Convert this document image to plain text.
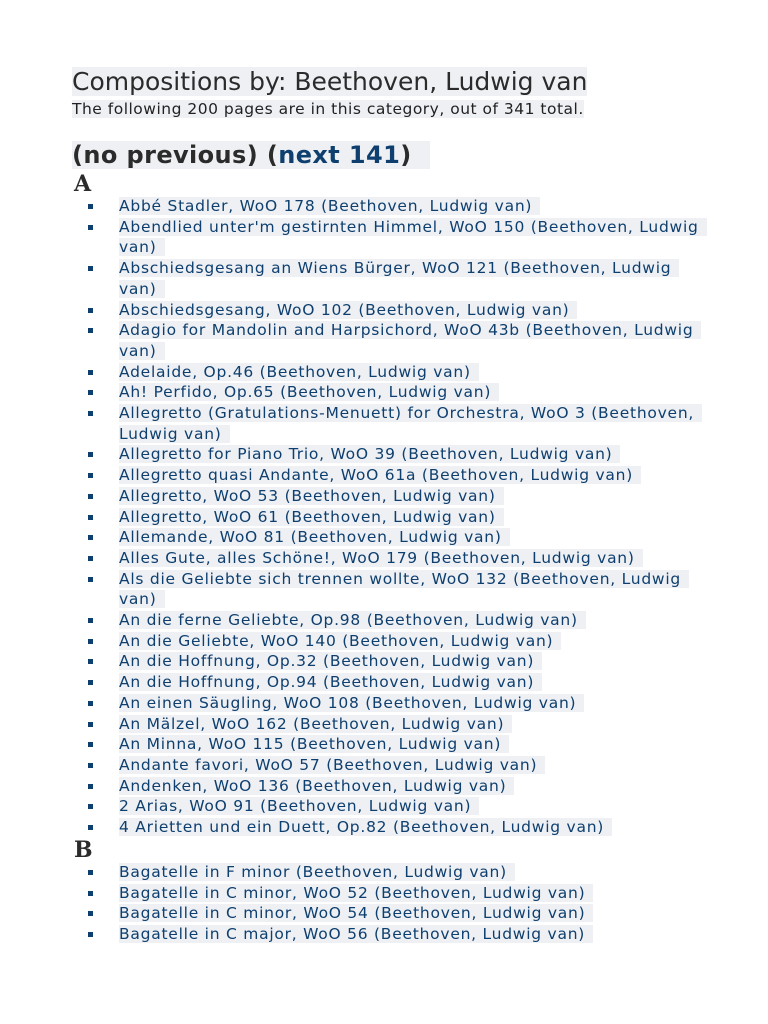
Compositions by: Beethoven, Ludwig van
The following 200 pages are in this category, out of 341 total.
(no previous) (next 141)
A
Abbé Stadler, WoO 178 (Beethoven, Ludwig van)
Abendlied unter'm gestirnten Himmel, WoO 150 (Beethoven, Ludwig van)
Abschiedsgesang an Wiens Bürger, WoO 121 (Beethoven, Ludwig van)
Abschiedsgesang, WoO 102 (Beethoven, Ludwig van)
Adagio for Mandolin and Harpsichord, WoO 43b (Beethoven, Ludwig van)
Adelaide, Op.46 (Beethoven, Ludwig van)
Ah! Perfido, Op.65 (Beethoven, Ludwig van)
Allegretto (Gratulations-Menuett) for Orchestra, WoO 3 (Beethoven, Ludwig van)
Allegretto for Piano Trio, WoO 39 (Beethoven, Ludwig van)
Allegretto quasi Andante, WoO 61a (Beethoven, Ludwig van)
Allegretto, WoO 53 (Beethoven, Ludwig van)
Allegretto, WoO 61 (Beethoven, Ludwig van)
Allemande, WoO 81 (Beethoven, Ludwig van)
Alles Gute, alles Schöne!, WoO 179 (Beethoven, Ludwig van)
Als die Geliebte sich trennen wollte, WoO 132 (Beethoven, Ludwig van)
An die ferne Geliebte, Op.98 (Beethoven, Ludwig van)
An die Geliebte, WoO 140 (Beethoven, Ludwig van)
An die Hoffnung, Op.32 (Beethoven, Ludwig van)
An die Hoffnung, Op.94 (Beethoven, Ludwig van)
An einen Säugling, WoO 108 (Beethoven, Ludwig van)
An Mälzel, WoO 162 (Beethoven, Ludwig van)
An Minna, WoO 115 (Beethoven, Ludwig van)
Andante favori, WoO 57 (Beethoven, Ludwig van)
Andenken, WoO 136 (Beethoven, Ludwig van)
2 Arias, WoO 91 (Beethoven, Ludwig van)
4 Arietten und ein Duett, Op.82 (Beethoven, Ludwig van)
B
Bagatelle in F minor (Beethoven, Ludwig van)
Bagatelle in C minor, WoO 52 (Beethoven, Ludwig van)
Bagatelle in C minor, WoO 54 (Beethoven, Ludwig van)
Bagatelle in C major, WoO 56 (Beethoven, Ludwig van)
